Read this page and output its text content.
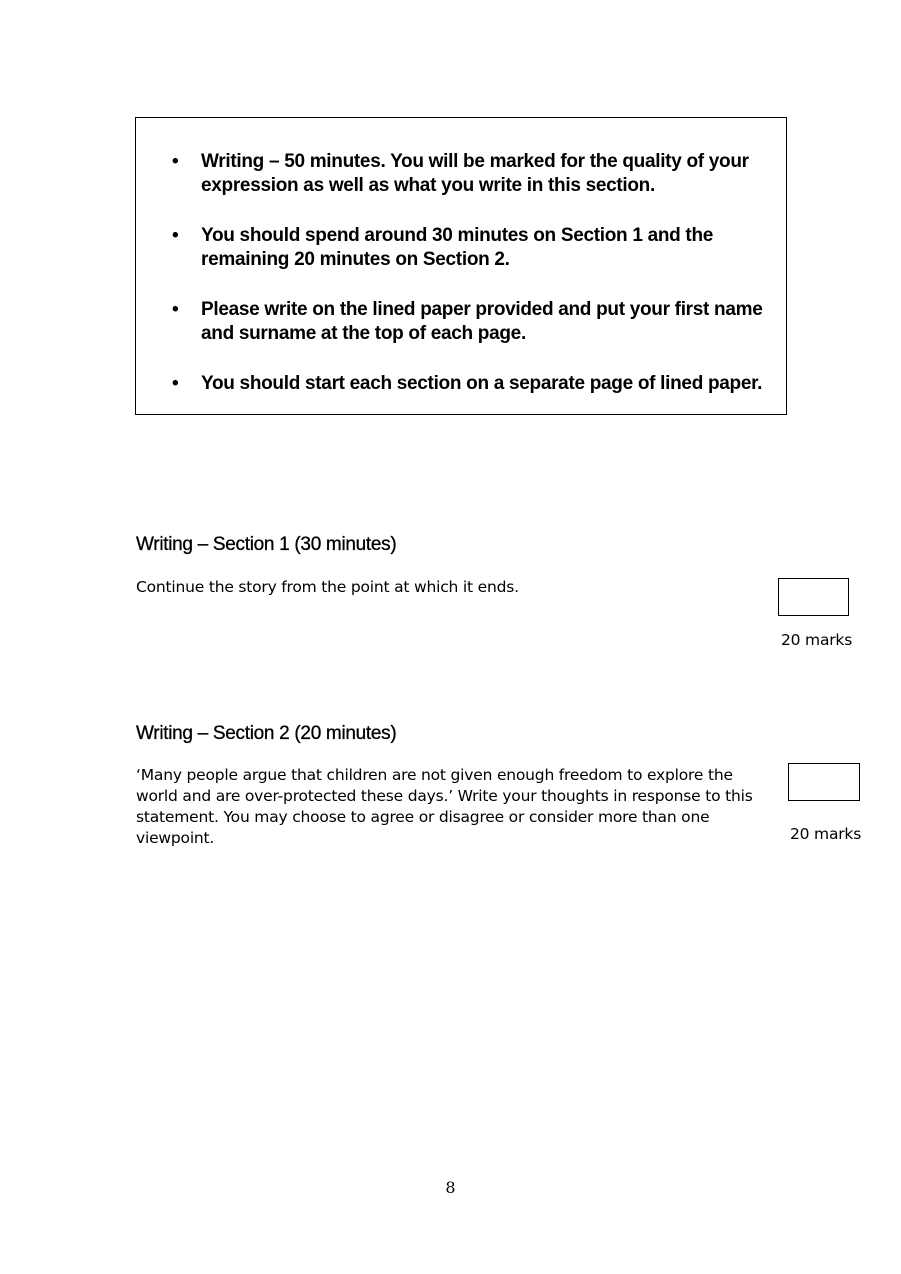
• Writing – 50 minutes. You will be marked for the quality of your expression as well as what you write in this section.
• You should spend around 30 minutes on Section 1 and the remaining 20 minutes on Section 2.
• Please write on the lined paper provided and put your first name and surname at the top of each page.
• You should start each section on a separate page of lined paper.
Writing – Section 1 (30 minutes)

Continue the story from the point at which it ends.

20 marks
Writing – Section 2 (20 minutes)

‘Many people argue that children are not given enough freedom to explore the world and are over-protected these days.’ Write your thoughts in response to this statement. You may choose to agree or disagree or consider more than one viewpoint.	20 marks
8
